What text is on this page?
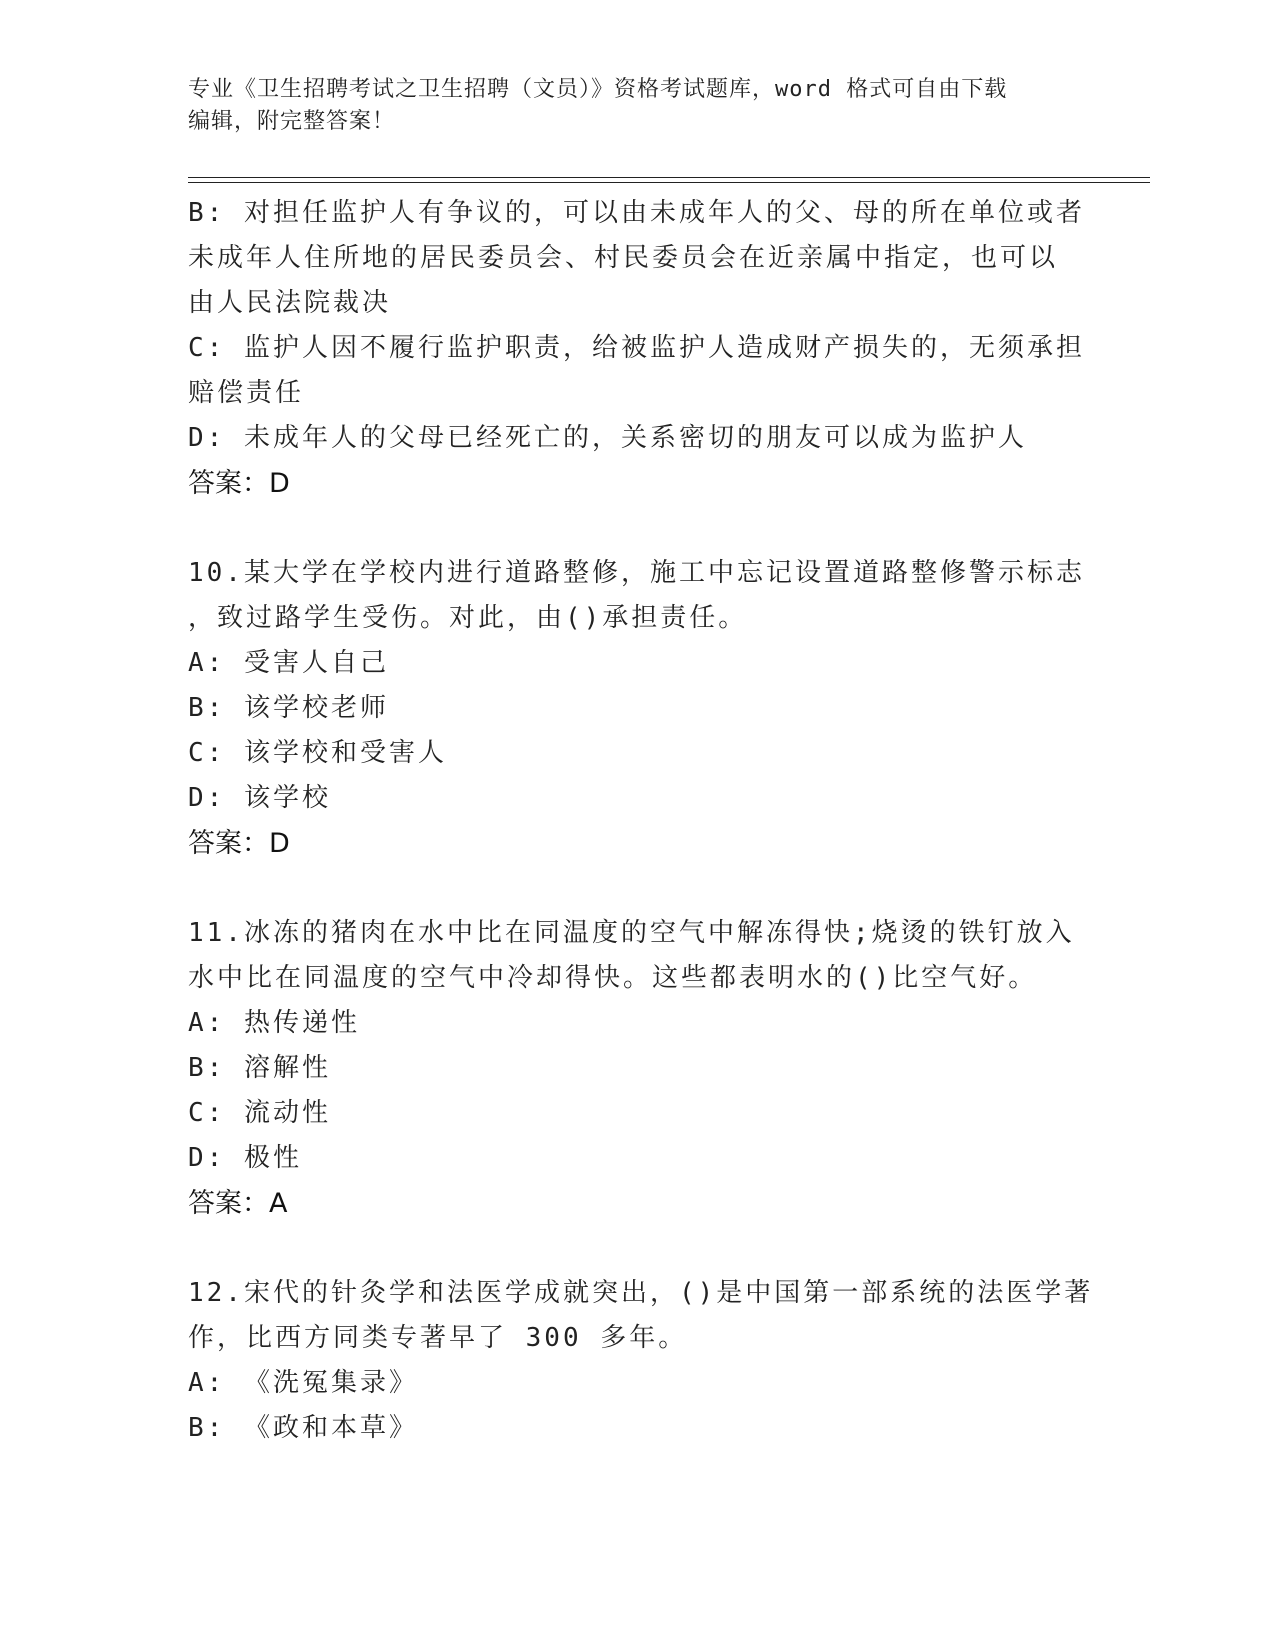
专业《卫生招聘考试之卫生招聘（文员）》资格考试题库，word 格式可自由下载
编辑，附完整答案！
B: 对担任监护人有争议的，可以由未成年人的父、母的所在单位或者
未成年人住所地的居民委员会、村民委员会在近亲属中指定，也可以
由人民法院裁决
C: 监护人因不履行监护职责，给被监护人造成财产损失的，无须承担
赔偿责任
D: 未成年人的父母已经死亡的，关系密切的朋友可以成为监护人
答案：D
10.某大学在学校内进行道路整修，施工中忘记设置道路整修警示标志
，致过路学生受伤。对此，由()承担责任。
A: 受害人自己
B: 该学校老师
C: 该学校和受害人
D: 该学校
答案：D
11.冰冻的猪肉在水中比在同温度的空气中解冻得快;烧烫的铁钉放入
水中比在同温度的空气中冷却得快。这些都表明水的()比空气好。
A: 热传递性
B: 溶解性
C: 流动性
D: 极性
答案：A
12.宋代的针灸学和法医学成就突出，()是中国第一部系统的法医学著
作，比西方同类专著早了 300 多年。
A: 《洗冤集录》
B: 《政和本草》
